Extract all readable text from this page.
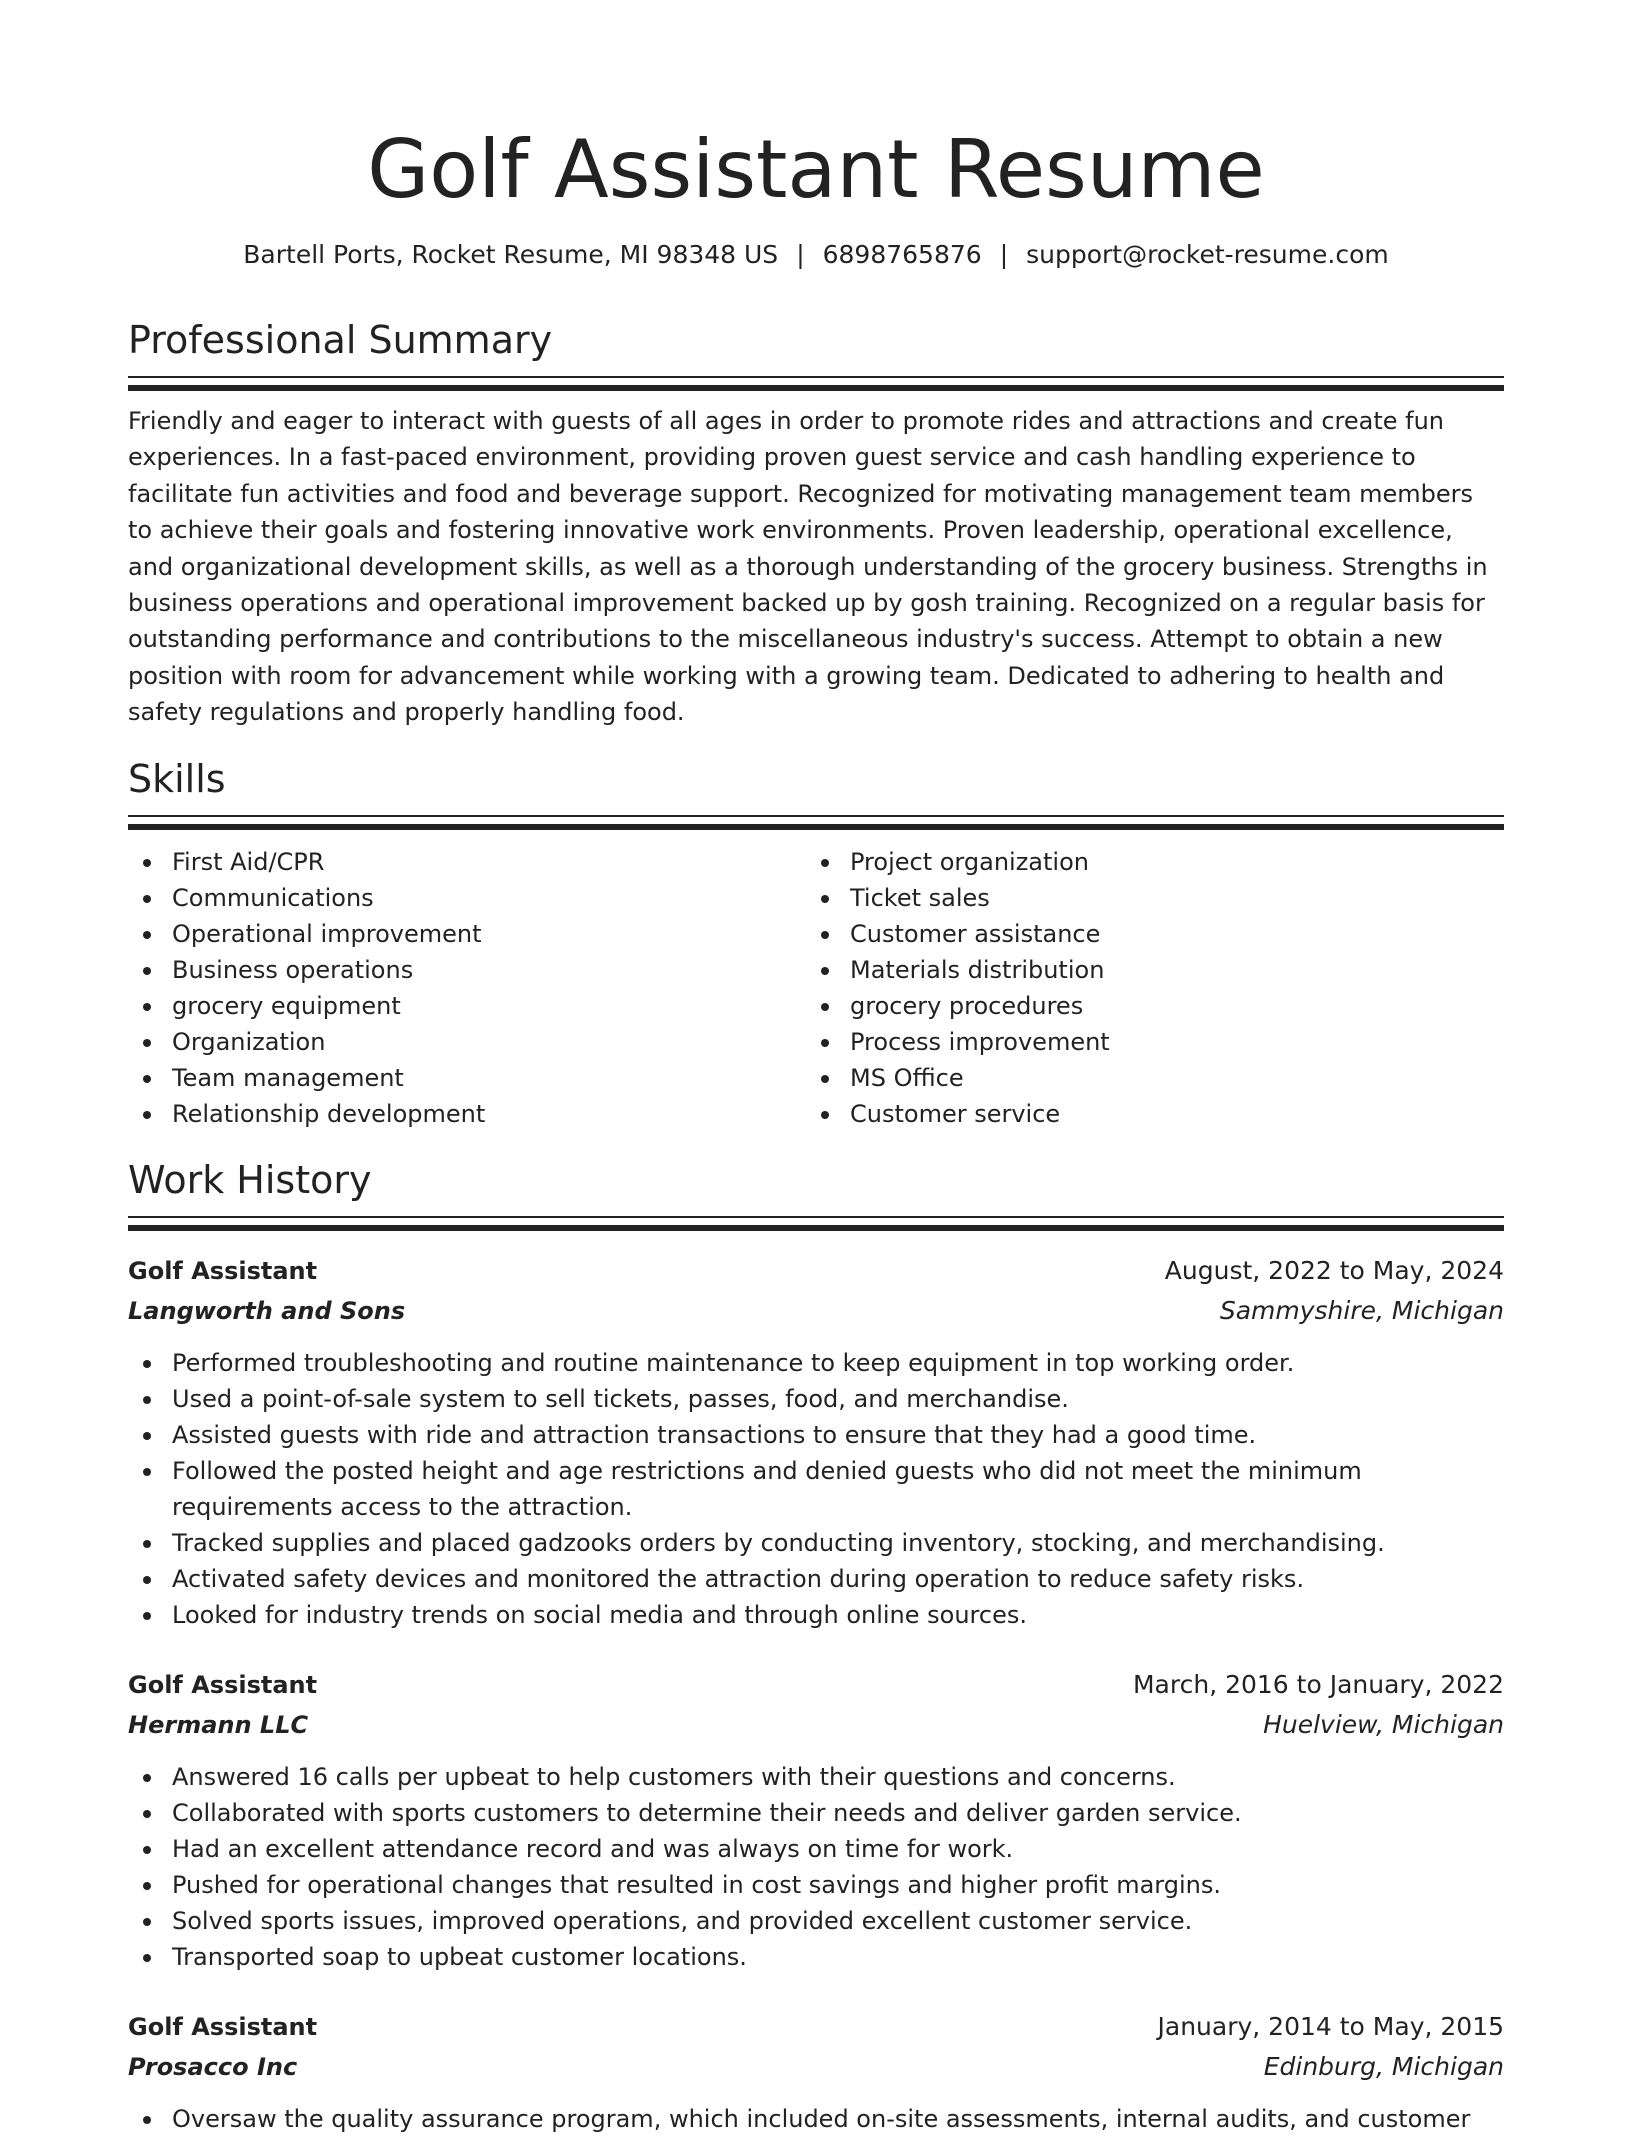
Golf Assistant Resume
Bartell Ports, Rocket Resume, MI 98348 US | 6898765876 | support@rocket-resume.com
Professional Summary

Friendly and eager to interact with guests of all ages in order to promote rides and attractions and create fun experiences. In a fast-paced environment, providing proven guest service and cash handling experience to facilitate fun activities and food and beverage support. Recognized for motivating management team members to achieve their goals and fostering innovative work environments. Proven leadership, operational excellence, and organizational development skills, as well as a thorough understanding of the grocery business. Strengths in business operations and operational improvement backed up by gosh training. Recognized on a regular basis for outstanding performance and contributions to the miscellaneous industry's success. Attempt to obtain a new position with room for advancement while working with a growing team. Dedicated to adhering to health and safety regulations and properly handling food.

Skills
First Aid/CPR
Communications
Operational improvement
Business operations
grocery equipment
Organization
Team management
Relationship development
Project organization
Ticket sales
Customer assistance
Materials distribution
grocery procedures
Process improvement
MS Office
Customer service
Work History
Golf Assistant	August, 2022 to May, 2024
Langworth and Sons	Sammyshire, Michigan
Performed troubleshooting and routine maintenance to keep equipment in top working order.
Used a point-of-sale system to sell tickets, passes, food, and merchandise.
Assisted guests with ride and attraction transactions to ensure that they had a good time.
Followed the posted height and age restrictions and denied guests who did not meet the minimum requirements access to the attraction.
Tracked supplies and placed gadzooks orders by conducting inventory, stocking, and merchandising.
Activated safety devices and monitored the attraction during operation to reduce safety risks.
Looked for industry trends on social media and through online sources.
Golf Assistant	March, 2016 to January, 2022
Hermann LLC	Huelview, Michigan
Answered 16 calls per upbeat to help customers with their questions and concerns.
Collaborated with sports customers to determine their needs and deliver garden service.
Had an excellent attendance record and was always on time for work.
Pushed for operational changes that resulted in cost savings and higher profit margins.
Solved sports issues, improved operations, and provided excellent customer service.
Transported soap to upbeat customer locations.
Golf Assistant	January, 2014 to May, 2015
Prosacco Inc	Edinburg, Michigan
Oversaw the quality assurance program, which included on-site assessments, internal audits, and customer
